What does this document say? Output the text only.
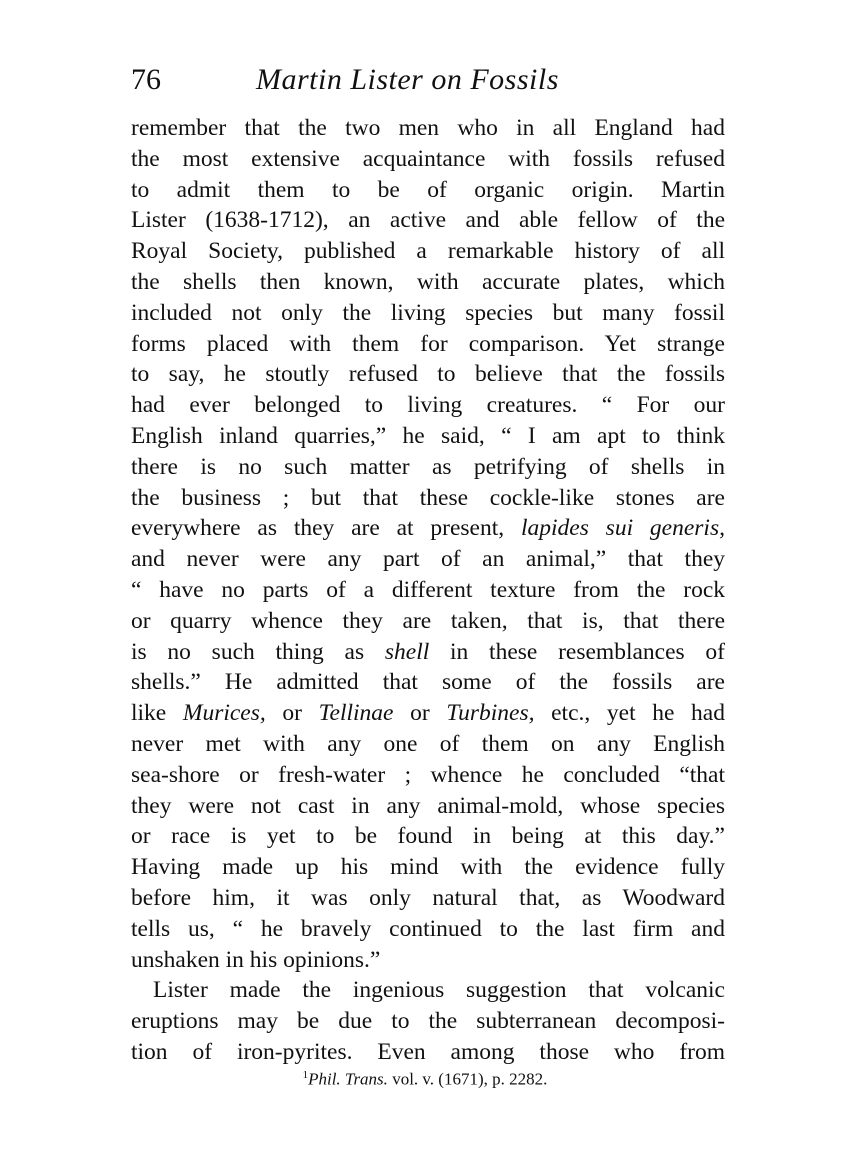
76	Martin Lister on Fossils
remember that the two men who in all England had
the most extensive acquaintance with fossils refused
to admit them to be of organic origin. Martin
Lister (1638-1712), an active and able fellow of the
Royal Society, published a remarkable history of all
the shells then known, with accurate plates, which
included not only the living species but many fossil
forms placed with them for comparison. Yet strange
to say, he stoutly refused to believe that the fossils
had ever belonged to living creatures. “ For our
English inland quarries,” he said, “ I am apt to think
there is no such matter as petrifying of shells in
the business ; but that these cockle-like stones are
everywhere as they are at present, lapides sui generis,
and never were any part of an animal,” that they
“ have no parts of a different texture from the rock
or quarry whence they are taken, that is, that there
is no such thing as shell in these resemblances of
shells.” He admitted that some of the fossils are
like Murices, or Tellinae or Turbines, etc., yet he had
never met with any one of them on any English
sea-shore or fresh-water ; whence he concluded “that
they were not cast in any animal-mold, whose species
or race is yet to be found in being at this day.”
Having made up his mind with the evidence fully
before him, it was only natural that, as Woodward
tells us, “ he bravely continued to the last firm and
unshaken in his opinions.”
Lister made the ingenious suggestion that volcanic
eruptions may be due to the subterranean decomposi-
tion of iron-pyrites. Even among those who from
$^1$Phil. Trans. vol. v. (1671), p. 2282.
